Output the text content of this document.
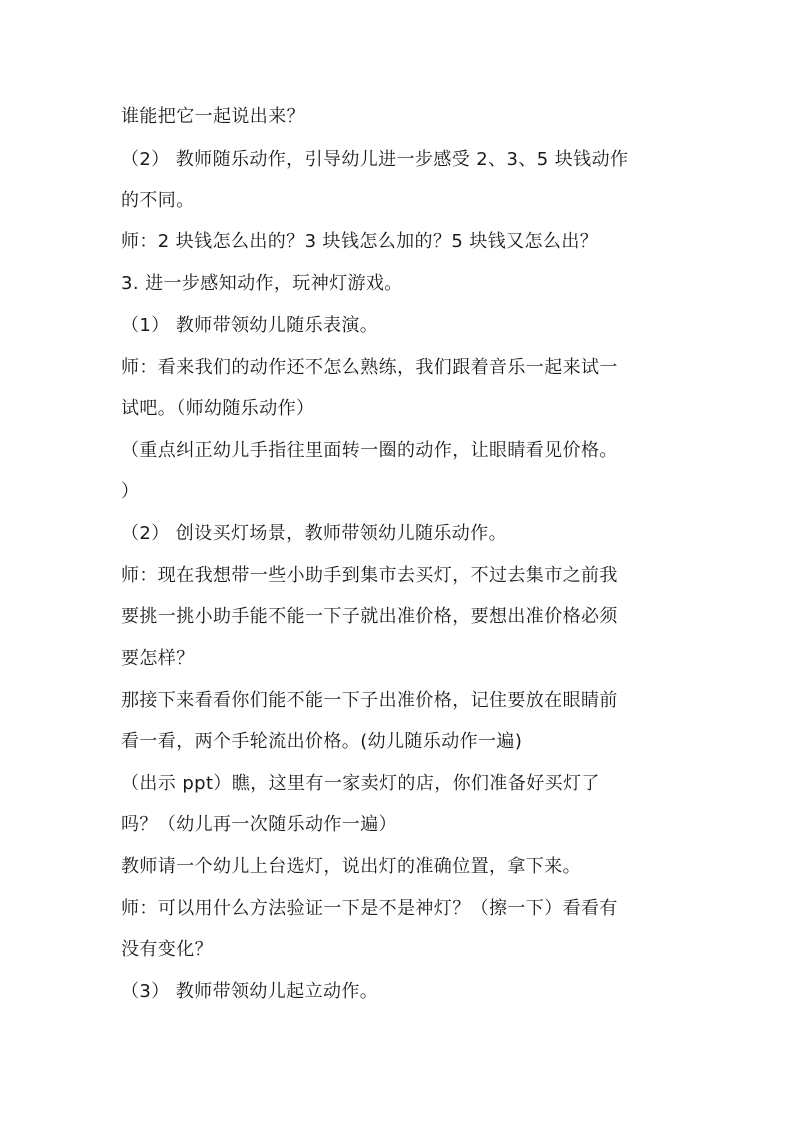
谁能把它一起说出来？
（2） 教师随乐动作，引导幼儿进一步感受 2、3、5 块钱动作
的不同。
师：2 块钱怎么出的？3 块钱怎么加的？5 块钱又怎么出？
3. 进一步感知动作，玩神灯游戏。
（1） 教师带领幼儿随乐表演。
师：看来我们的动作还不怎么熟练，我们跟着音乐一起来试一
试吧。（师幼随乐动作）
（重点纠正幼儿手指往里面转一圈的动作，让眼睛看见价格。
）
（2） 创设买灯场景，教师带领幼儿随乐动作。
师：现在我想带一些小助手到集市去买灯，不过去集市之前我
要挑一挑小助手能不能一下子就出准价格，要想出准价格必须
要怎样？
那接下来看看你们能不能一下子出准价格，记住要放在眼睛前
看一看，两个手轮流出价格。(幼儿随乐动作一遍)
（出示 ppt）瞧，这里有一家卖灯的店，你们准备好买灯了
吗？（幼儿再一次随乐动作一遍）
教师请一个幼儿上台选灯，说出灯的准确位置，拿下来。
师：可以用什么方法验证一下是不是神灯？（擦一下）看看有
没有变化？
（3） 教师带领幼儿起立动作。
